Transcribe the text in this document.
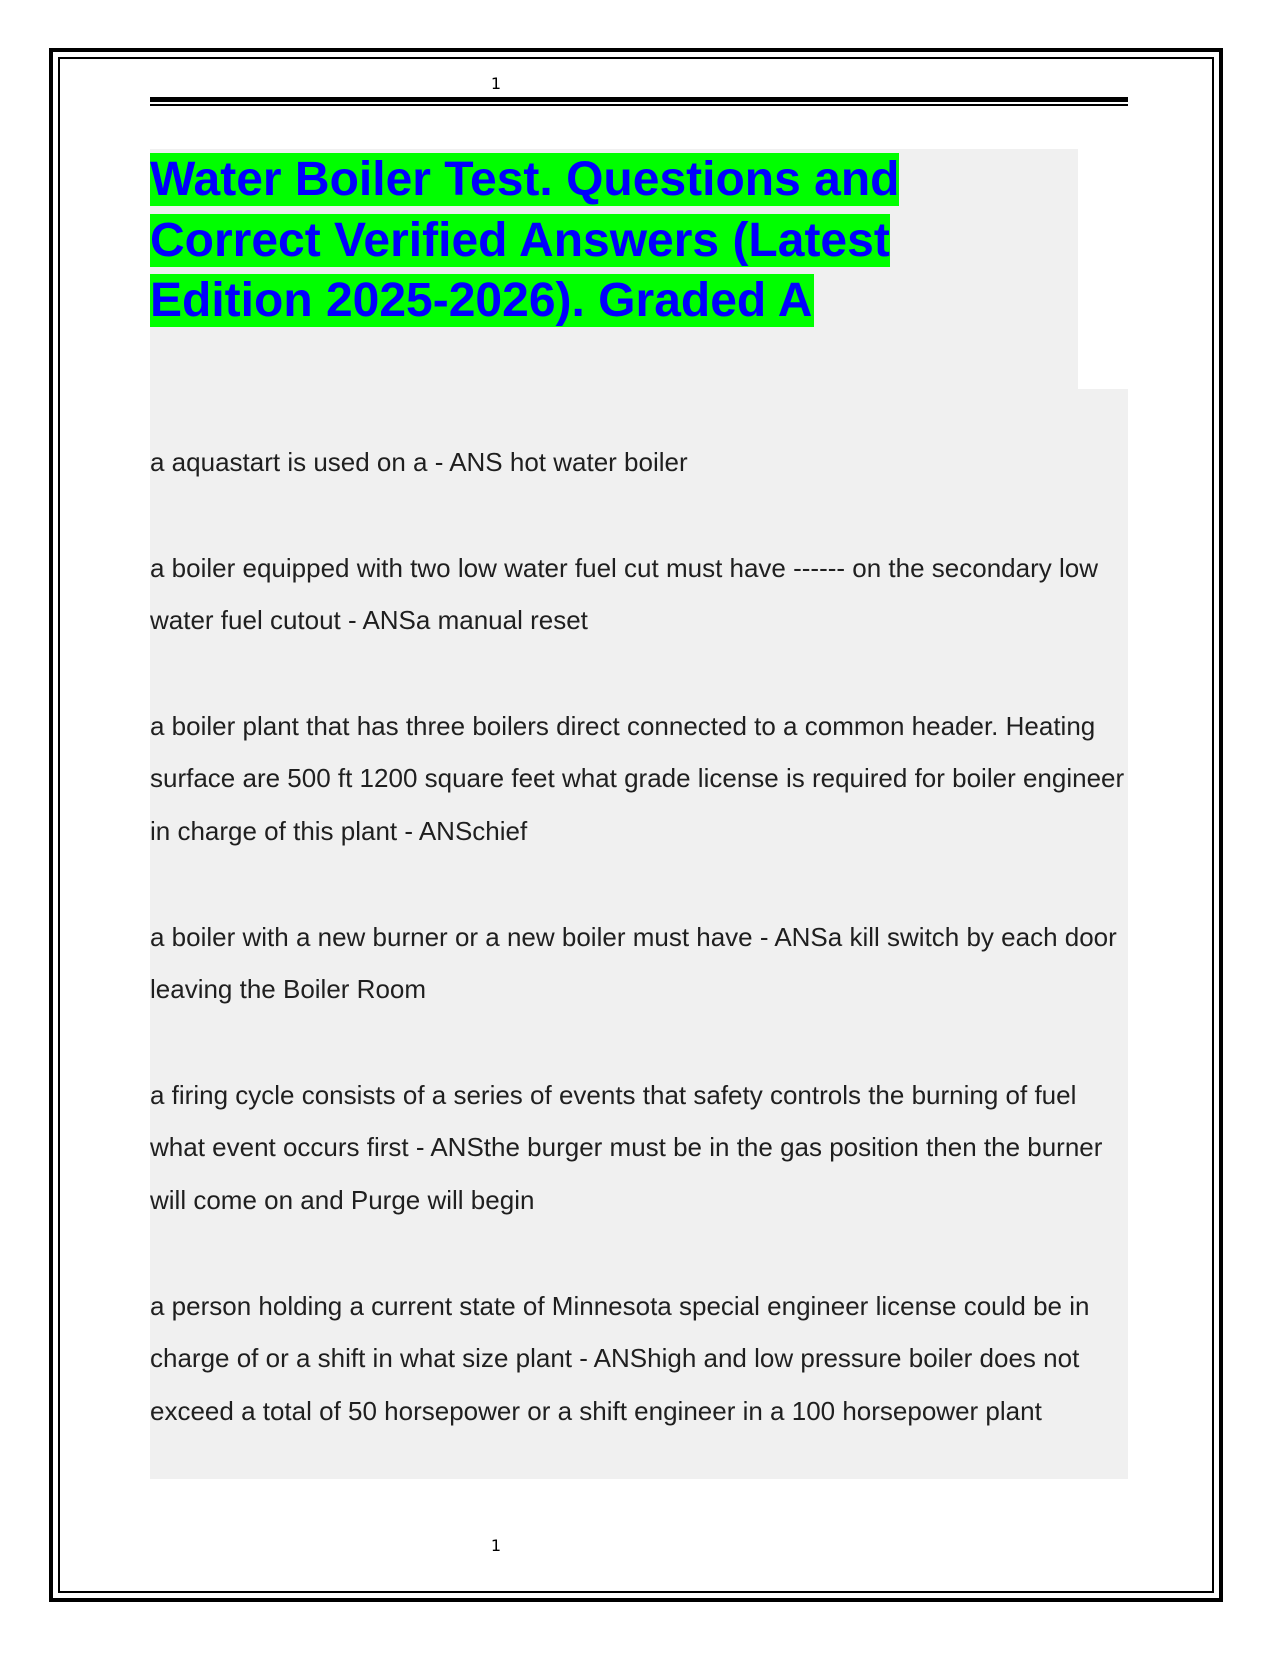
1
Water Boiler Test. Questions and Correct Verified Answers (Latest Edition 2025-2026). Graded A

a aquastart is used on a - ANS hot water boiler

a boiler equipped with two low water fuel cut must have ------ on the secondary low water fuel cutout - ANSa manual reset

a boiler plant that has three boilers direct connected to a common header. Heating surface are 500 ft 1200 square feet what grade license is required for boiler engineer in charge of this plant - ANSchief

a boiler with a new burner or a new boiler must have - ANSa kill switch by each door leaving the Boiler Room

a firing cycle consists of a series of events that safety controls the burning of fuel what event occurs first - ANSthe burger must be in the gas position then the burner will come on and Purge will begin

a person holding a current state of Minnesota special engineer license could be in charge of or a shift in what size plant - ANShigh and low pressure boiler does not exceed a total of 50 horsepower or a shift engineer in a 100 horsepower plant

1
